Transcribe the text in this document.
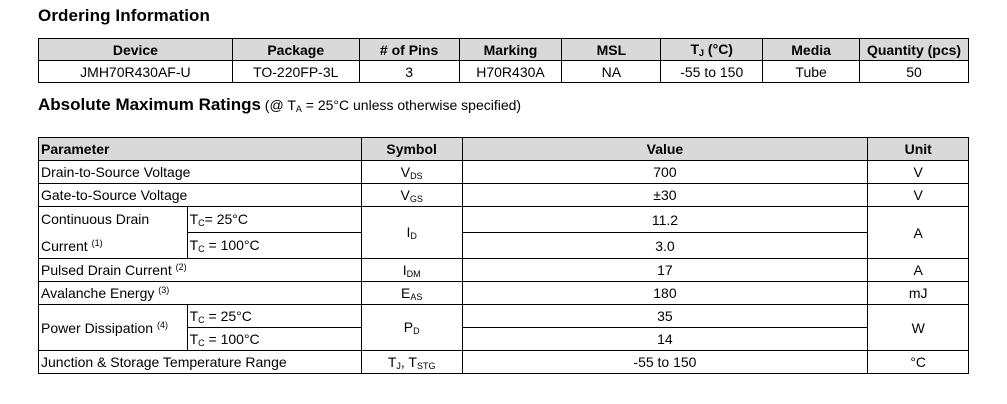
Ordering Information
Device	Package	# of Pins	Marking	MSL	$T_J$ (°C)	Media	Quantity (pcs)
JMH70R430AF-U	TO-220FP-3L	3	H70R430A	NA	-55 to 150	Tube	50
Absolute Maximum Ratings (@ $T_A = 25^\circ C$ unless otherwise specified)
Parameter		Symbol	Value	Unit
Drain-to-Source Voltage		$V_{DS}$	700	V
Gate-to-Source Voltage		$V_{GS}$	±30	V

Continuous Drain
Current $^{(1)}$	$T_C= 25^\circ C$	$I_D$	11.2	A
	$T_C = 100^\circ C$		3.0	
Pulsed Drain Current $^{(2)}$		$I_{DM}$	17	A
Avalanche Energy $^{(3)}$		$E_{AS}$	180	mJ
Power Dissipation $^{(4)}$	$T_C = 25^\circ C$	$P_D$	35	W
	$T_C = 100^\circ C$		14	
Junction & Storage Temperature Range		$T_J$, $T_{STG}$	-55 to 150	°C
